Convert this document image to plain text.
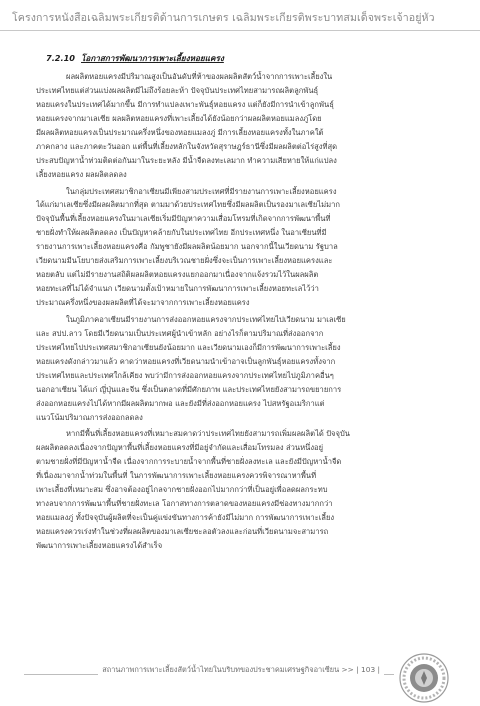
โครงการหนังสือเฉลิมพระเกียรติด้านการเกษตร เฉลิมพระเกียรติพระบาทสมเด็จพระเจ้าอยู่หัว
7.2.10 โอกาสการพัฒนาการเพาะเลี้ยงหอยแครง
ผลผลิตหอยแครงมีปริมาณสูงเป็นอันดับที่ห้าของผลผลิตสัตว์น้ำจากการเพาะเลี้ยงใน
ประเทศไทยแต่ส่วนแบ่งผลผลิตมีไม่ถึงร้อยละห้า ปัจจุบันประเทศไทยสามารถผลิตลูกพันธุ์
หอยแครงในประเทศได้มากขึ้น มีการทำแปลงเพาะพันธุ์หอยแครง แต่ก็ยังมีการนำเข้าลูกพันธุ์
หอยแครงจากมาเลเซีย ผลผลิตหอยแครงที่เพาะเลี้ยงได้ยังน้อยกว่าผลผลิตหอยแมลงภู่โดย
มีผลผลิตหอยแครงเป็นประมาณครึ่งหนึ่งของหอยแมลงภู่ มีการเลี้ยงหอยแครงทั้งในภาคใต้
ภาคกลาง และภาคตะวันออก แต่พื้นที่เลี้ยงหลักในจังหวัดสุราษฎร์ธานีซึ่งมีผลผลิตต่อไร่สูงที่สุด
ประสบปัญหาน้ำท่วมติดต่อกันมาในระยะหลัง มีน้ำจืดลงทะเลมาก ทำความเสียหายให้แก่แปลง
เลี้ยงหอยแครง ผลผลิตลดลง
ในกลุ่มประเทศสมาชิกอาเซียนมีเพียงสามประเทศที่มีรายงานการเพาะเลี้ยงหอยแครง
ได้แก่มาเลเซียซึ่งมีผลผลิตมากที่สุด ตามมาด้วยประเทศไทยซึ่งมีผลผลิตเป็นรองมาเลเซียไม่มาก
ปัจจุบันพื้นที่เลี้ยงหอยแครงในมาเลเซียเริ่มมีปัญหาความเสื่อมโทรมที่เกิดจากการพัฒนาพื้นที่
ชายฝั่งทำให้ผลผลิตลดลง เป็นปัญหาคล้ายกับในประเทศไทย อีกประเทศหนึ่ง ในอาเซียนที่มี
รายงานการเพาะเลี้ยงหอยแครงคือ กัมพูชายังมีผลผลิตน้อยมาก นอกจากนี้ในเวียดนาม รัฐบาล
เวียดนามมีนโยบายส่งเสริมการเพาะเลี้ยงบริเวณชายฝั่งซึ่งจะเป็นการเพาะเลี้ยงหอยแครงและ
หอยตลับ แต่ไม่มีรายงานสถิติผลผลิตหอยแครงแยกออกมาเนื่องจากแจ้งรวมไว้ในผลผลิต
หอยทะเลที่ไม่ได้จำแนก เวียดนามตั้งเป้าหมายในการพัฒนาการเพาะเลี้ยงหอยทะเลไว้ว่า
ประมาณครึ่งหนึ่งของผลผลิตที่ได้จะมาจากการเพาะเลี้ยงหอยแครง
ในภูมิภาคอาเซียนมีรายงานการส่งออกหอยแครงจากประเทศไทยไปเวียดนาม มาเลเซีย
และ สปป.ลาว โดยมีเวียดนามเป็นประเทศผู้นำเข้าหลัก อย่างไรก็ตามปริมาณที่ส่งออกจาก
ประเทศไทยไปประเทศสมาชิกอาเซียนยังน้อยมาก และเวียดนามเองก็มีการพัฒนาการเพาะเลี้ยง
หอยแครงดังกล่าวมาแล้ว คาดว่าหอยแครงที่เวียดนามนำเข้าอาจเป็นลูกพันธุ์หอยแครงทั้งจาก
ประเทศไทยและประเทศใกล้เคียง พบว่ามีการส่งออกหอยแครงจากประเทศไทยไปภูมิภาคอื่นๆ
นอกอาเซียน ได้แก่ ญี่ปุ่นและจีน ซึ่งเป็นตลาดที่มีศักยภาพ และประเทศไทยยังสามารถขยายการ
ส่งออกหอยแครงไปได้หากมีผลผลิตมากพอ และยังมีที่ส่งออกหอยแครง ไปสหรัฐอเมริกาแต่
แนวโน้มปริมาณการส่งออกลดลง
หากมีพื้นที่เลี้ยงหอยแครงที่เหมาะสมคาดว่าประเทศไทยยังสามารถเพิ่มผลผลิตได้ ปัจจุบัน
ผลผลิตลดลงเนื่องจากปัญหาพื้นที่เลี้ยงหอยแครงที่มีอยู่จำกัดและเสื่อมโทรมลง ส่วนหนึ่งอยู่
ตามชายฝั่งที่มีปัญหาน้ำจืด เนื่องจากการระบายน้ำจากพื้นที่ชายฝั่งลงทะเล และยังมีปัญหาน้ำจืด
ที่เนื่องมาจากน้ำท่วมในพื้นที่ ในการพัฒนาการเพาะเลี้ยงหอยแครงควรพิจารณาหาพื้นที่
เพาะเลี้ยงที่เหมาะสม ซึ่งอาจต้องอยู่ไกลจากชายฝั่งออกไปมากกว่าที่เป็นอยู่เพื่อลดผลกระทบ
ทางลบจากการพัฒนาพื้นที่ชายฝั่งทะเล โอกาสทางการตลาดของหอยแครงมีช่องทางมากกว่า
หอยแมลงภู่ ทั้งปัจจุบันผู้ผลิตที่จะเป็นคู่แข่งขันทางการค้ายังมีไม่มาก การพัฒนาการเพาะเลี้ยง
หอยแครงควรเร่งทำในช่วงที่ผลผลิตของมาเลเซียชะลอตัวลงและก่อนที่เวียดนามจะสามารถ
พัฒนาการเพาะเลี้ยงหอยแครงได้สำเร็จ
สถานภาพการเพาะเลี้ยงสัตว์น้ำไทยในบริบทของประชาคมเศรษฐกิจอาเซียน >> | 103 |
